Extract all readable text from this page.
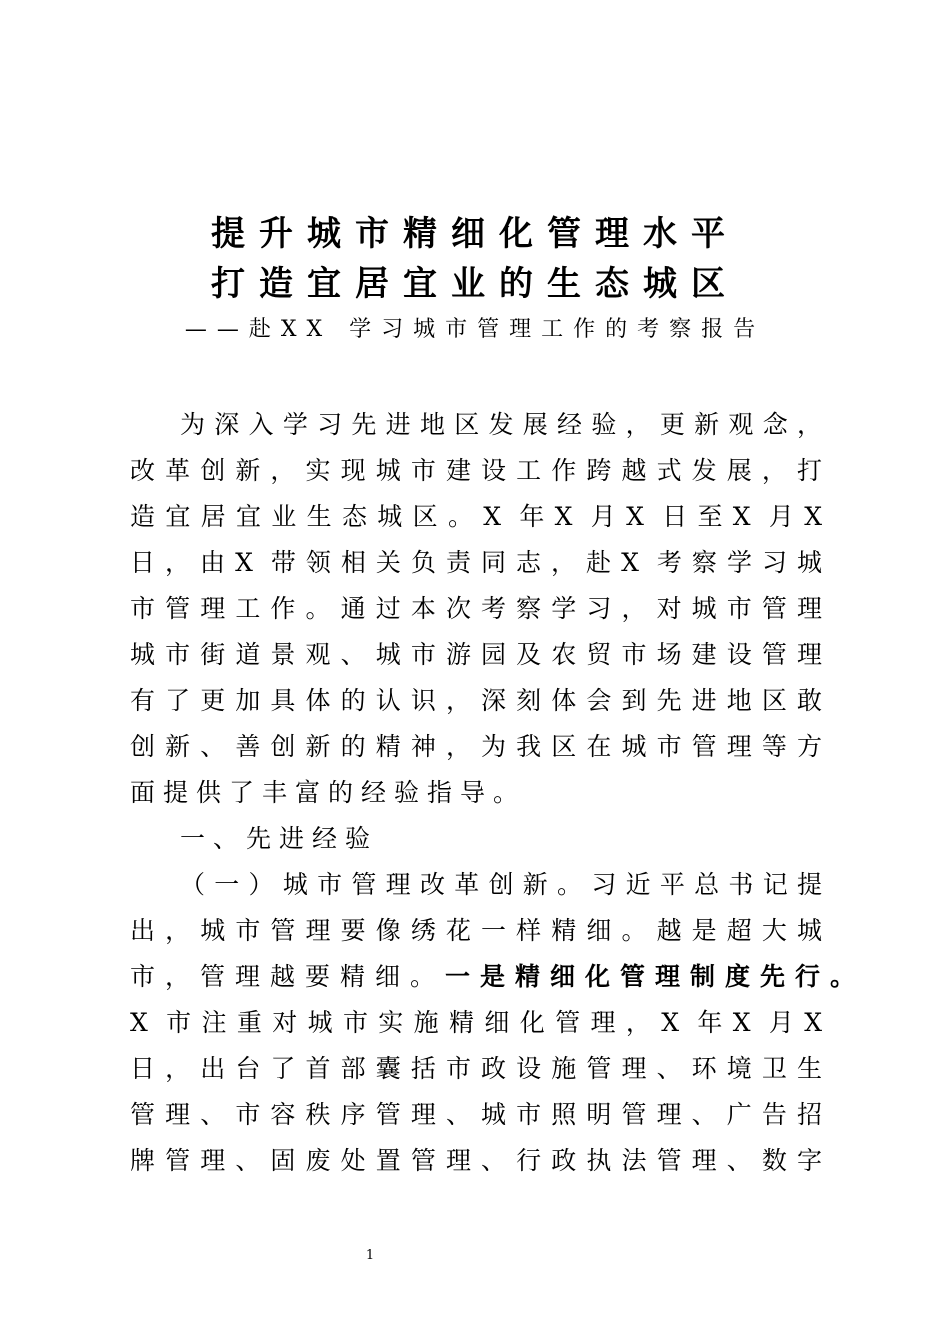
提升城市精细化管理水平
打造宜居宜业的生态城区

——赴XX 学习城市管理工作的考察报告

为深入学习先进地区发展经验，更新观念，
改革创新，实现城市建设工作跨越式发展，打
造宜居宜业生态城区。X 年X 月X 日至X 月X
日，由X 带领相关负责同志，赴X 考察学习城
市管理工作。通过本次考察学习，对城市管理
城市街道景观、城市游园及农贸市场建设管理
有了更加具体的认识，深刻体会到先进地区敢
创新、善创新的精神，为我区在城市管理等方
面提供了丰富的经验指导。
一、先进经验
（一）城市管理改革创新。习近平总书记提
出，城市管理要像绣花一样精细。越是超大城
市，管理越要精细。 一是精细化管理制度先行。
X 市注重对城市实施精细化管理，X 年X 月X
日，出台了首部囊括市政设施管理、环境卫生
管理、市容秩序管理、城市照明管理、广告招
牌管理、固废处置管理、行政执法管理、数字
1
